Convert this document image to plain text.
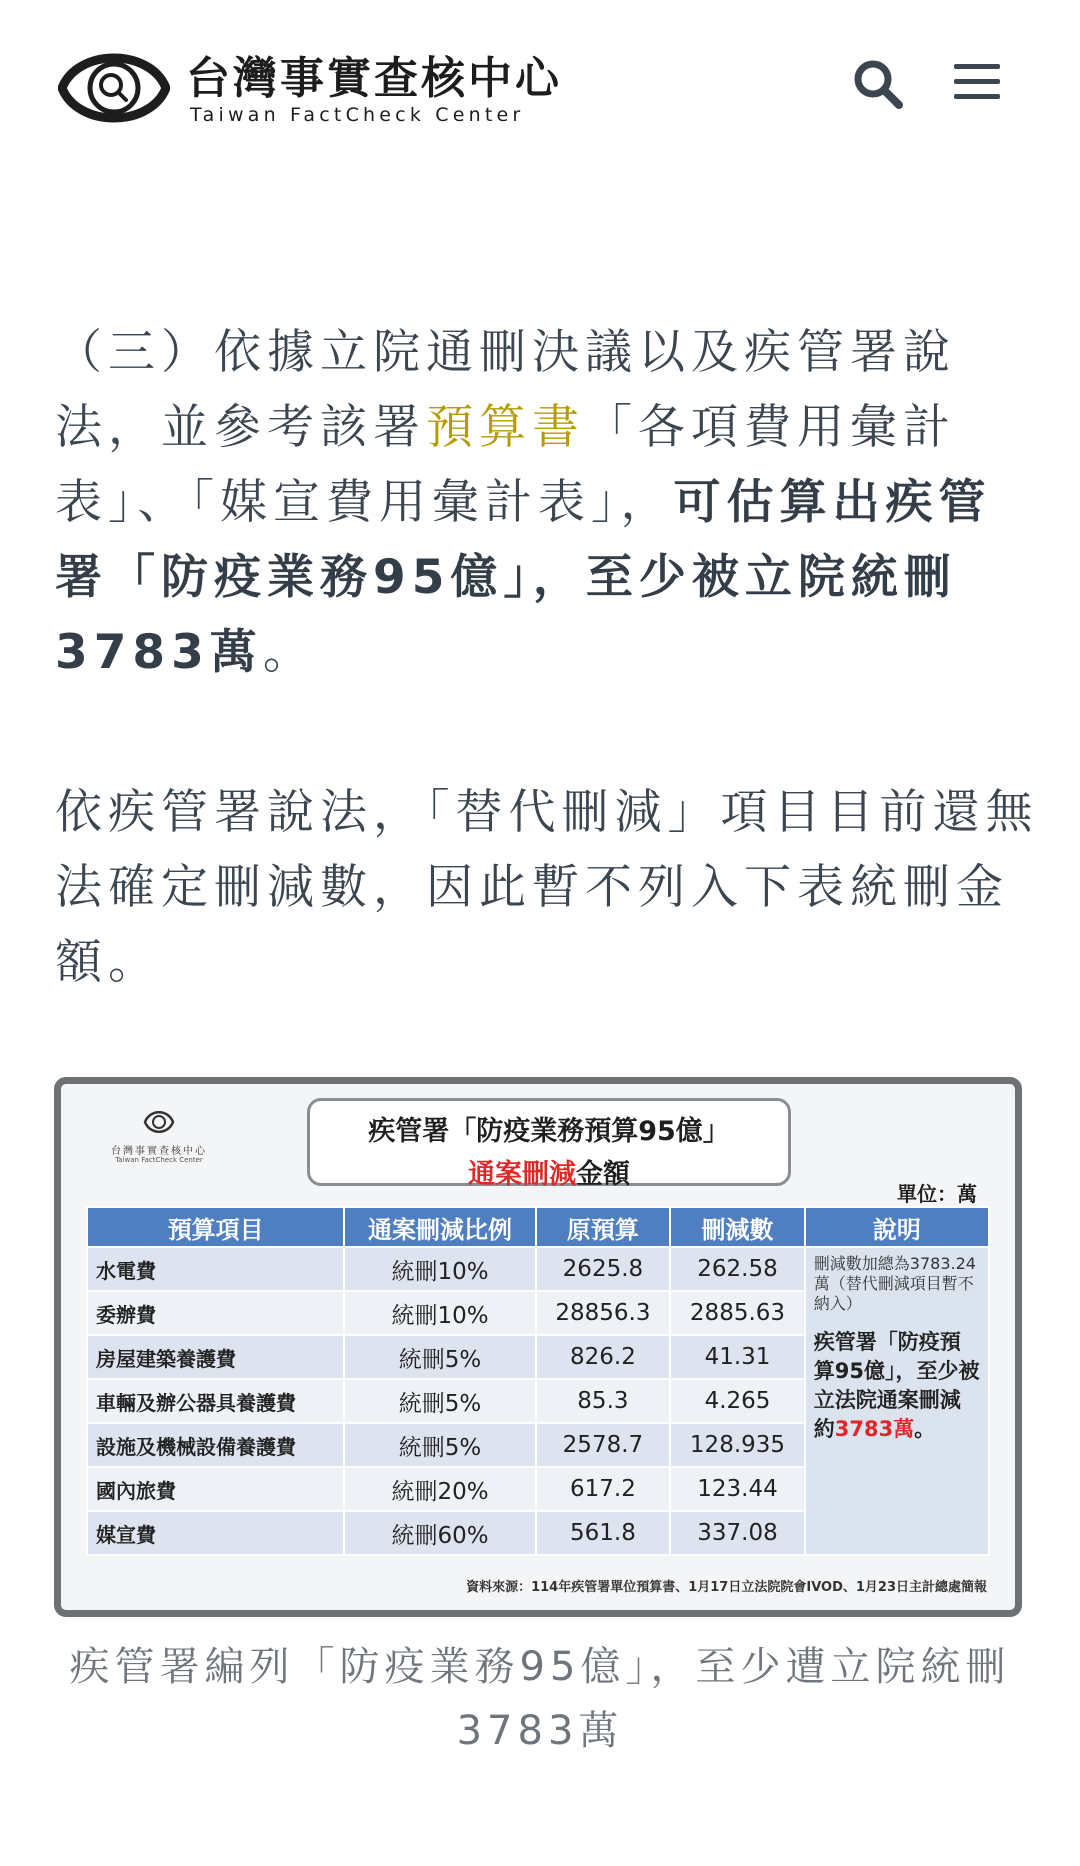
台灣事實查核中心
Taiwan FactCheck Center
（三）依據立院通刪決議以及疾管署說法，並參考該署預算書「各項費用彙計表」、「媒宣費用彙計表」，可估算出疾管署「防疫業務95億」，至少被立院統刪3783萬。
依疾管署說法，「替代刪減」項目目前還無法確定刪減數，因此暫不列入下表統刪金額。
台灣事實查核中心
Taiwan FactCheck Center
疾管署「防疫業務預算95億」
通案刪減金額
單位：萬
預算項目	通案刪減比例	原預算	刪減數	說明
水電費	統刪10%	2625.8	262.58	刪減數加總為3783.24萬（替代刪減項目暫不納入）
疾管署「防疫預算95億」，至少被立法院通案刪減約3783萬。

委辦費	統刪10%	28856.3	2885.63	
房屋建築養護費	統刪5%	826.2	41.31	
車輛及辦公器具養護費	統刪5%	85.3	4.265	
設施及機械設備養護費	統刪5%	2578.7	128.935	
國內旅費	統刪20%	617.2	123.44	
媒宣費	統刪60%	561.8	337.08	
資料來源：114年疾管署單位預算書、1月17日立法院院會IVOD、1月23日主計總處簡報
疾管署編列「防疫業務95億」，至少遭立院統刪3783萬
